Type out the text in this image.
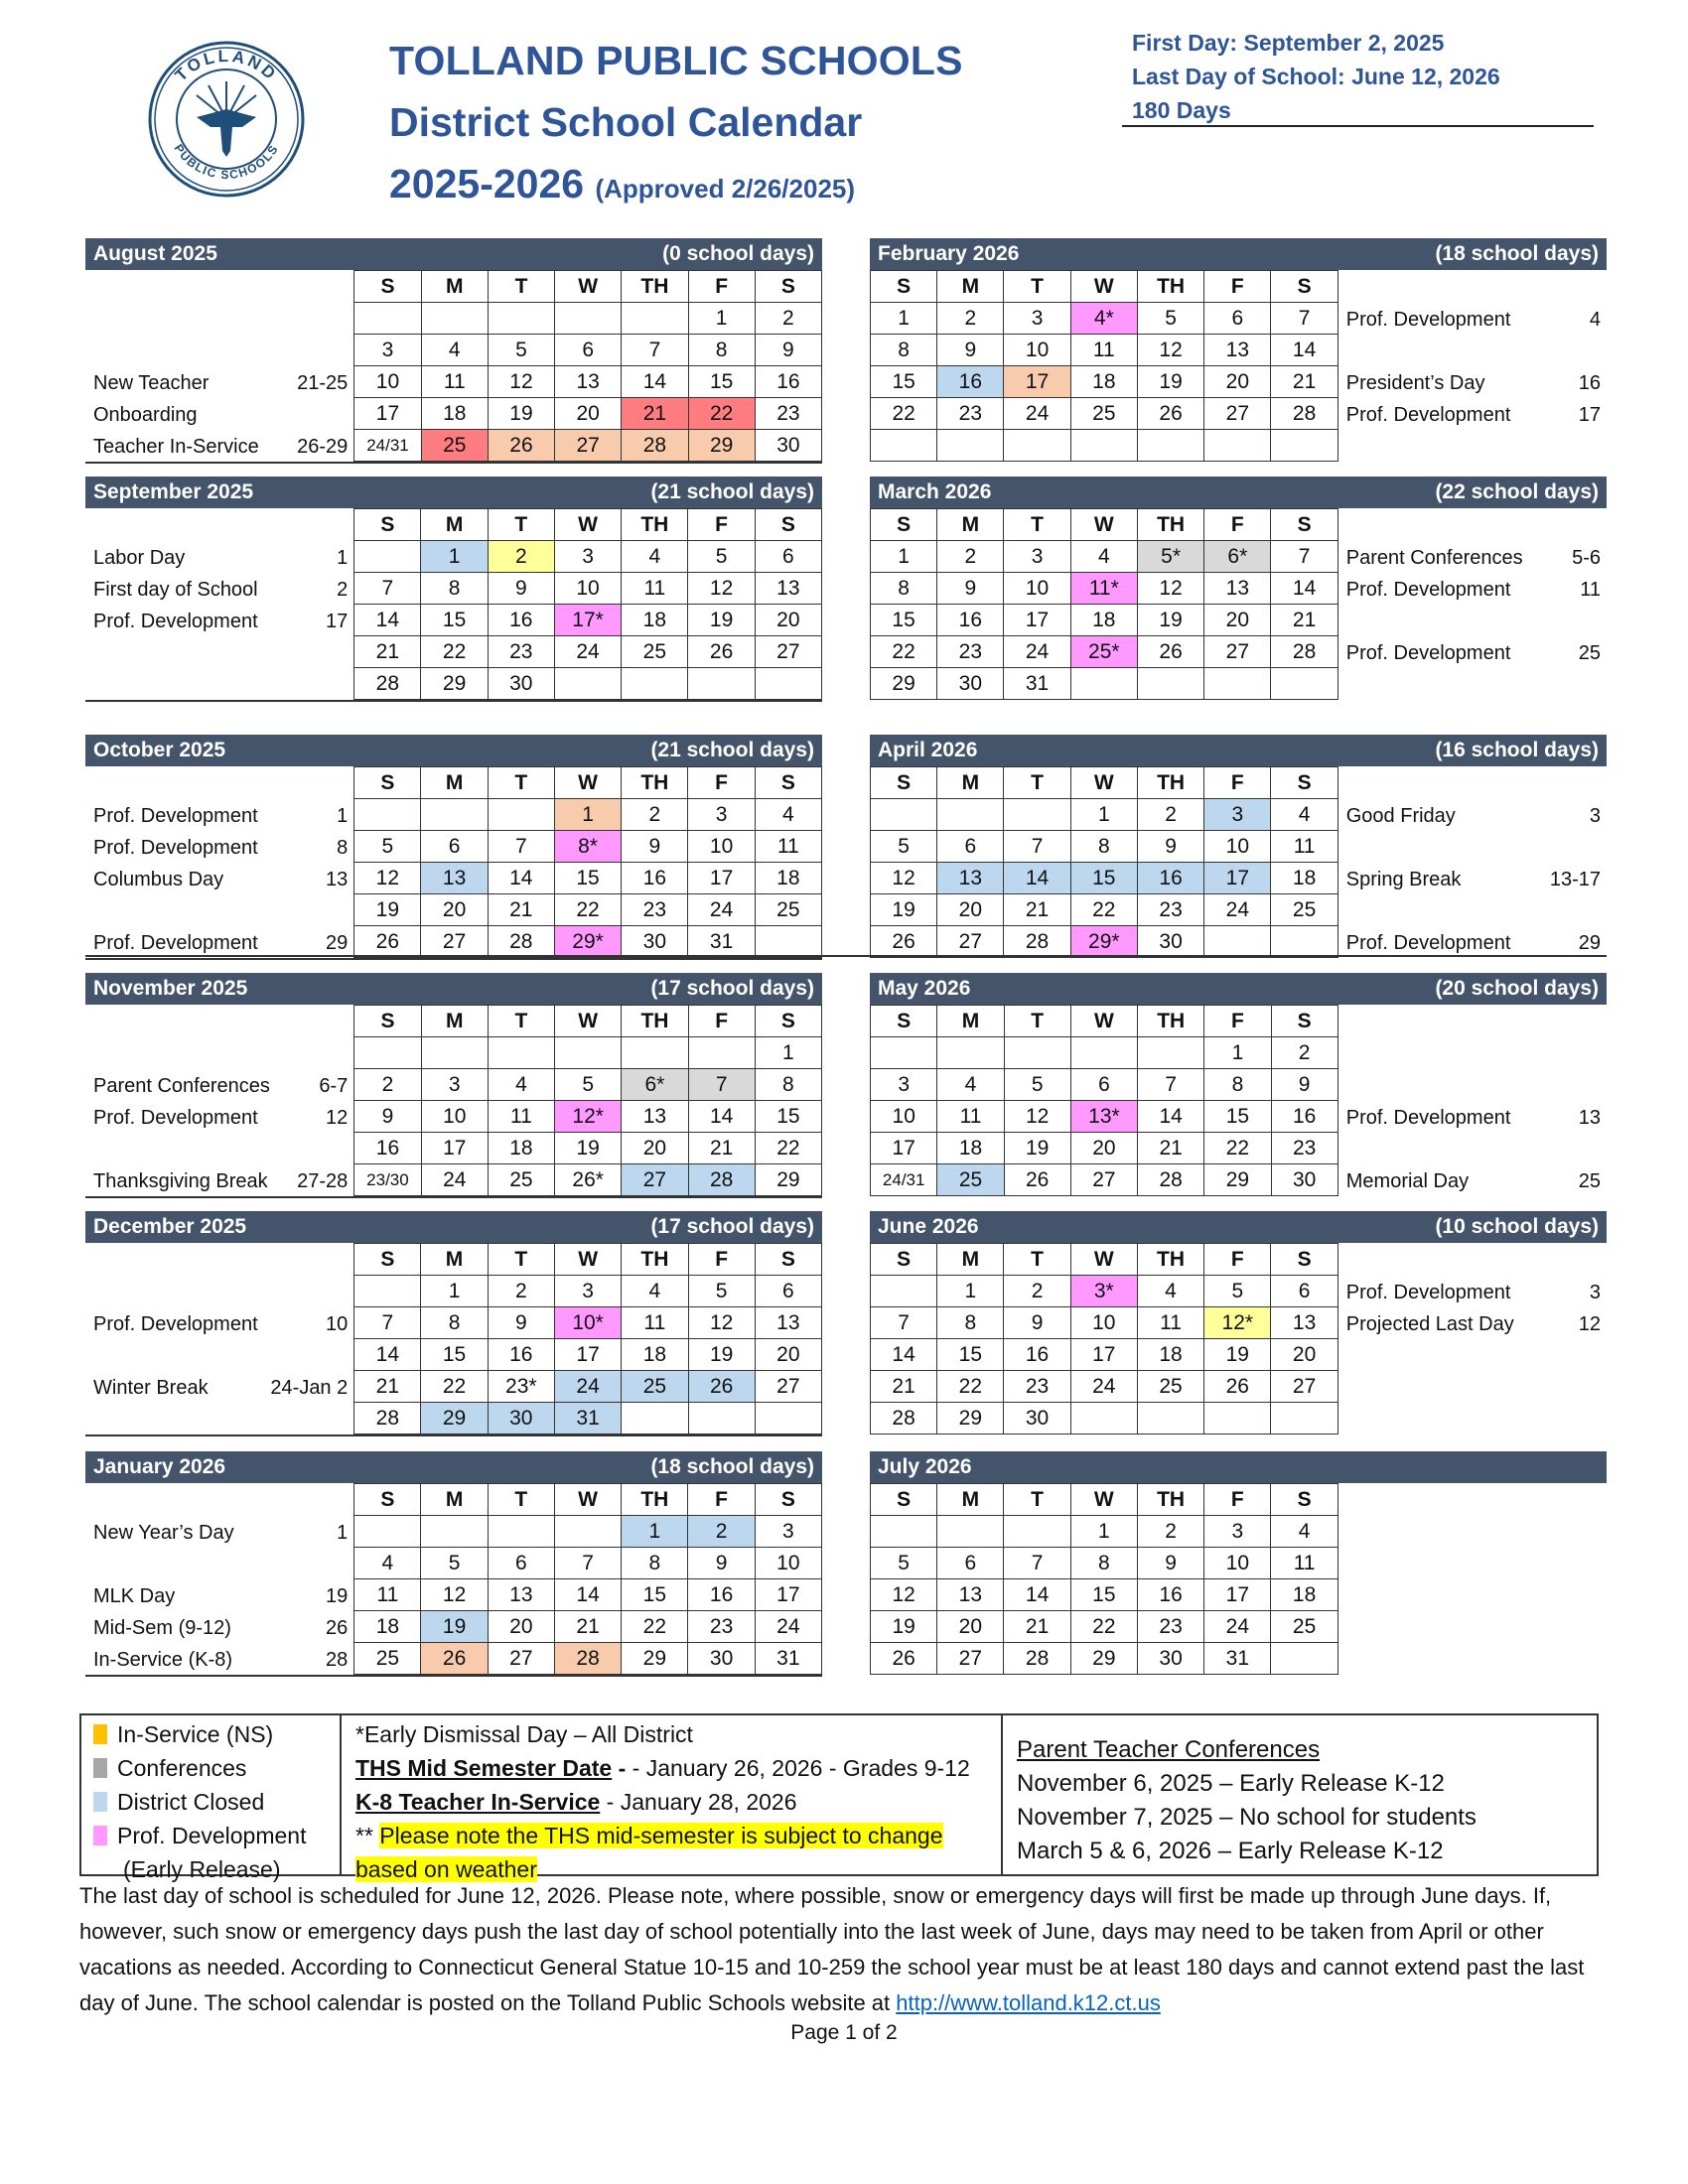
TOLLAND
PUBLIC SCHOOLS
TOLLAND PUBLIC SCHOOLS
District School Calendar
2025-2026 (Approved 2/26/2025)
First Day: September 2, 2025
Last Day of School: June 12, 2026
180 Days
August 2025	(0 school days)
New Teacher	21-25
Onboarding
Teacher In-Service 26-29
S	M	T	W	TH	F	S
					1	2
3	4	5	6	7	8	9
10	11	12	13	14	15	16
17	18	19	20	21	22	23
24/31	25	26	27	28	29	30
February 2026	(18 school days)
S	M	T	W	TH	F	S
1	2	3	4*	5	6	7
8	9	10	11	12	13	14
15	16	17	18	19	20	21
22	23	24	25	26	27	28

Prof. Development	4
President’s Day	16
Prof. Development	17
September 2025	(21 school days)
Labor Day	1
First day of School	2
Prof. Development	17
S	M	T	W	TH	F	S
	1	2	3	4	5	6
7	8	9	10	11	12	13
14	15	16	17*	18	19	20
21	22	23	24	25	26	27
28	29	30				
March 2026	(22 school days)
S	M	T	W	TH	F	S
1	2	3	4	5*	6*	7
8	9	10	11*	12	13	14
15	16	17	18	19	20	21
22	23	24	25*	26	27	28
29	30	31				
Parent Conferences 5-6
Prof. Development	11
Prof. Development	25
October 2025	(21 school days)
Prof. Development	1
Prof. Development	8
Columbus Day	13
Prof. Development	29
S	M	T	W	TH	F	S
			1	2	3	4
5	6	7	8*	9	10	11
12	13	14	15	16	17	18
19	20	21	22	23	24	25
26	27	28	29*	30	31	
April 2026	(16 school days)
S	M	T	W	TH	F	S
			1	2	3	4
5	6	7	8	9	10	11
12	13	14	15	16	17	18
19	20	21	22	23	24	25
26	27	28	29*	30		
Good Friday	3
Spring Break	13-17
Prof. Development	29
November 2025	(17 school days)
Parent Conferences 6-7
Prof. Development	12
Thanksgiving Break 27-28
S	M	T	W	TH	F	S
						1
2	3	4	5	6*	7	8
9	10	11	12*	13	14	15
16	17	18	19	20	21	22
23/30	24	25	26*	27	28	29
May 2026	(20 school days)
S	M	T	W	TH	F	S
					1	2
3	4	5	6	7	8	9
10	11	12	13*	14	15	16
17	18	19	20	21	22	23
24/31	25	26	27	28	29	30
Prof. Development	13
Memorial Day	25
December 2025	(17 school days)
Prof. Development	10
Winter Break	24-Jan 2
S	M	T	W	TH	F	S
	1	2	3	4	5	6
7	8	9	10*	11	12	13
14	15	16	17	18	19	20
21	22	23*	24	25	26	27
28	29	30	31			
June 2026	(10 school days)
S	M	T	W	TH	F	S
	1	2	3*	4	5	6
7	8	9	10	11	12*	13
14	15	16	17	18	19	20
21	22	23	24	25	26	27
28	29	30				
Prof. Development	3
Projected Last Day	12
January 2026	(18 school days)
New Year’s Day	1
MLK Day	19
Mid-Sem (9-12)	26
In-Service (K-8)	28
S	M	T	W	TH	F	S
				1	2	3
4	5	6	7	8	9	10
11	12	13	14	15	16	17
18	19	20	21	22	23	24
25	26	27	28	29	30	31
July 2026
S	M	T	W	TH	F	S
			1	2	3	4
5	6	7	8	9	10	11
12	13	14	15	16	17	18
19	20	21	22	23	24	25
26	27	28	29	30	31	
In-Service (NS)
Conferences
District Closed
Prof. Development
(Early Release)
*Early Dismissal Day – All District
THS Mid Semester Date - - January 26, 2026 - Grades 9-12
K-8 Teacher In-Service - January 28, 2026
** Please note the THS mid-semester is subject to change based on weather
Parent Teacher Conferences
November 6, 2025 – Early Release K-12
November 7, 2025 – No school for students
March 5 & 6, 2026 – Early Release K-12
The last day of school is scheduled for June 12, 2026. Please note, where possible, snow or emergency days will first be made up through June days. If, however, such snow or emergency days push the last day of school potentially into the last week of June, days may need to be taken from April or other vacations as needed. According to Connecticut General Statue 10-15 and 10-259 the school year must be at least 180 days and cannot extend past the last day of June. The school calendar is posted on the Tolland Public Schools website at http://www.tolland.k12.ct.us
Page 1 of 2
